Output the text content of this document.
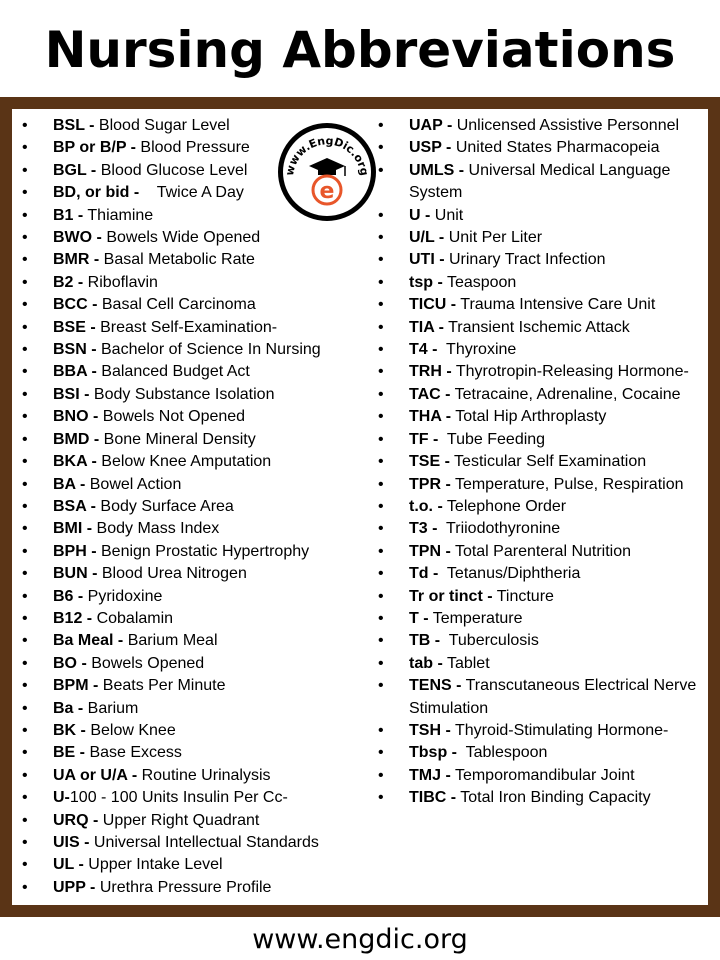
Nursing Abbreviations
• BSL - Blood Sugar Level
• BP or B/P - Blood Pressure
• BGL - Blood Glucose Level
• BD, or bid -    Twice A Day
• B1 - Thiamine
• BWO - Bowels Wide Opened
• BMR - Basal Metabolic Rate
• B2 - Riboflavin
• BCC - Basal Cell Carcinoma
• BSE - Breast Self-Examination-
• BSN - Bachelor of Science In Nursing
• BBA - Balanced Budget Act
• BSI - Body Substance Isolation
• BNO - Bowels Not Opened
• BMD - Bone Mineral Density
• BKA - Below Knee Amputation
• BA - Bowel Action
• BSA - Body Surface Area
• BMI - Body Mass Index
• BPH - Benign Prostatic Hypertrophy
• BUN - Blood Urea Nitrogen
• B6 - Pyridoxine
• B12 - Cobalamin
• Ba Meal - Barium Meal
• BO - Bowels Opened
• BPM - Beats Per Minute
• Ba - Barium
• BK - Below Knee
• BE - Base Excess
• UA or U/A - Routine Urinalysis
• U-100 - 100 Units Insulin Per Cc-
• URQ - Upper Right Quadrant
• UIS - Universal Intellectual Standards
• UL - Upper Intake Level
• UPP - Urethra Pressure Profile
• UAP - Unlicensed Assistive Personnel
• USP - United States Pharmacopeia
• UMLS - Universal Medical Language System
• U - Unit
• U/L - Unit Per Liter
• UTI - Urinary Tract Infection
• tsp - Teaspoon
• TICU - Trauma Intensive Care Unit
• TIA - Transient Ischemic Attack
• T4 -  Thyroxine
• TRH - Thyrotropin-Releasing Hormone-
• TAC - Tetracaine, Adrenaline, Cocaine
• THA - Total Hip Arthroplasty
• TF -  Tube Feeding
• TSE - Testicular Self Examination
• TPR - Temperature, Pulse, Respiration
• t.o. - Telephone Order
• T3 -  Triiodothyronine
• TPN - Total Parenteral Nutrition
• Td -  Tetanus/Diphtheria
• Tr or tinct - Tincture
• T - Temperature
• TB -  Tuberculosis
• tab - Tablet
• TENS - Transcutaneous Electrical Nerve Stimulation
• TSH - Thyroid-Stimulating Hormone-
• Tbsp -  Tablespoon
• TMJ - Temporomandibular Joint
• TIBC - Total Iron Binding Capacity
www.EngDic.org
e
www.engdic.org
